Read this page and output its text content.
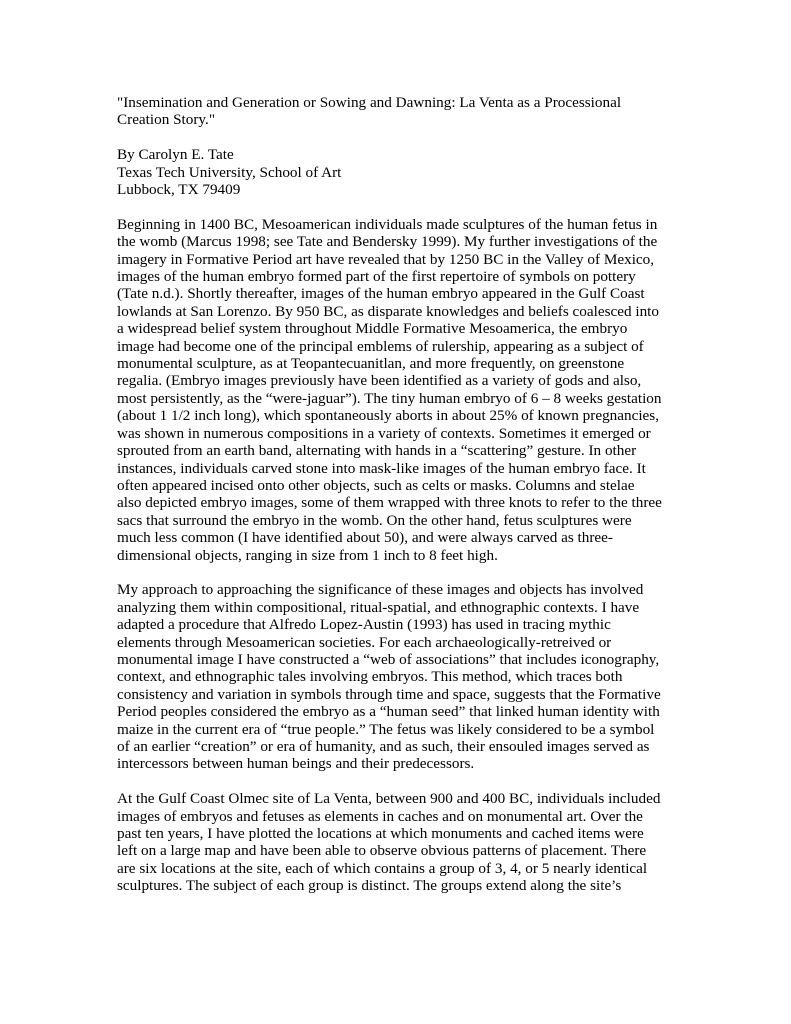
"Insemination and Generation or Sowing and Dawning: La Venta as a Processional
Creation Story."

By Carolyn E. Tate
Texas Tech University, School of Art
Lubbock, TX 79409

Beginning in 1400 BC, Mesoamerican individuals made sculptures of the human fetus in
the womb (Marcus 1998; see Tate and Bendersky 1999). My further investigations of the
imagery in Formative Period art have revealed that by 1250 BC in the Valley of Mexico,
images of the human embryo formed part of the first repertoire of symbols on pottery
(Tate n.d.). Shortly thereafter, images of the human embryo appeared in the Gulf Coast
lowlands at San Lorenzo. By 950 BC, as disparate knowledges and beliefs coalesced into
a widespread belief system throughout Middle Formative Mesoamerica, the embryo
image had become one of the principal emblems of rulership, appearing as a subject of
monumental sculpture, as at Teopantecuanitlan, and more frequently, on greenstone
regalia. (Embryo images previously have been identified as a variety of gods and also,
most persistently, as the “were-jaguar”). The tiny human embryo of 6 – 8 weeks gestation
(about 1 1/2 inch long), which spontaneously aborts in about 25% of known pregnancies,
was shown in numerous compositions in a variety of contexts. Sometimes it emerged or
sprouted from an earth band, alternating with hands in a “scattering” gesture. In other
instances, individuals carved stone into mask-like images of the human embryo face. It
often appeared incised onto other objects, such as celts or masks. Columns and stelae
also depicted embryo images, some of them wrapped with three knots to refer to the three
sacs that surround the embryo in the womb. On the other hand, fetus sculptures were
much less common (I have identified about 50), and were always carved as three-
dimensional objects, ranging in size from 1 inch to 8 feet high.

My approach to approaching the significance of these images and objects has involved
analyzing them within compositional, ritual-spatial, and ethnographic contexts. I have
adapted a procedure that Alfredo Lopez-Austin (1993) has used in tracing mythic
elements through Mesoamerican societies. For each archaeologically-retreived or
monumental image I have constructed a “web of associations” that includes iconography,
context, and ethnographic tales involving embryos. This method, which traces both
consistency and variation in symbols through time and space, suggests that the Formative
Period peoples considered the embryo as a “human seed” that linked human identity with
maize in the current era of “true people.” The fetus was likely considered to be a symbol
of an earlier “creation” or era of humanity, and as such, their ensouled images served as
intercessors between human beings and their predecessors.

At the Gulf Coast Olmec site of La Venta, between 900 and 400 BC, individuals included
images of embryos and fetuses as elements in caches and on monumental art. Over the
past ten years, I have plotted the locations at which monuments and cached items were
left on a large map and have been able to observe obvious patterns of placement. There
are six locations at the site, each of which contains a group of 3, 4, or 5 nearly identical
sculptures. The subject of each group is distinct. The groups extend along the site’s
